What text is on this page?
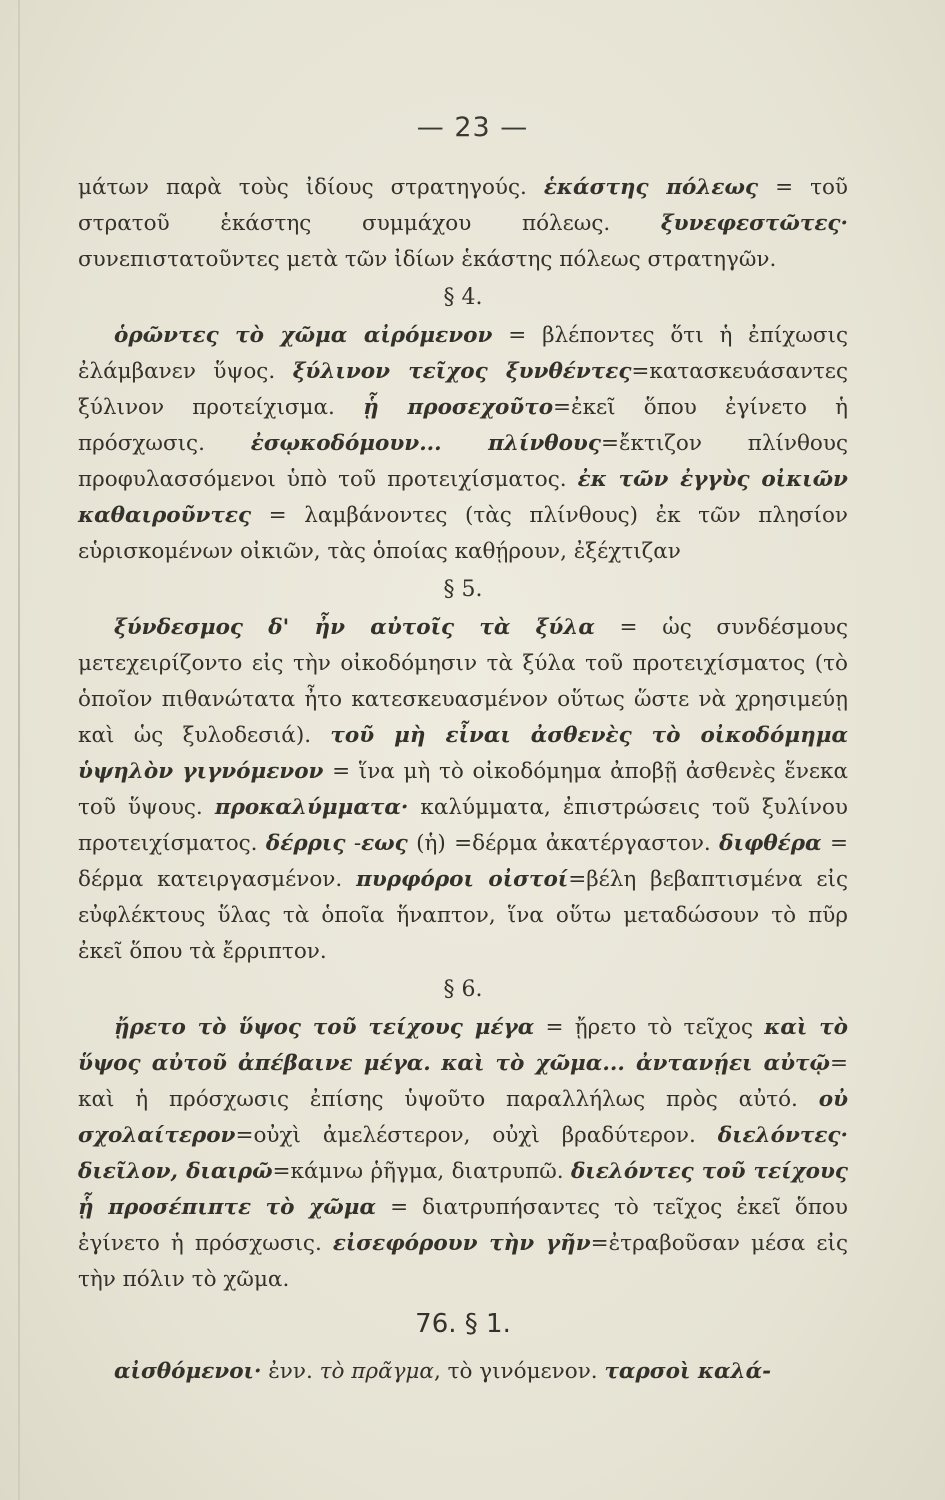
— 23 —

μάτων παρὰ τοὺς ἰδίους στρατηγούς. ἑκάστης πόλεως = τοῦ στρατοῦ ἑκάστης συμμάχου πόλεως. ξυνεφεστῶτες· συνεπιστατοῦντες μετὰ τῶν ἰδίων ἑκάστης πόλεως στρατηγῶν.

§ 4.

ὁρῶντες τὸ χῶμα αἰρόμενον = βλέποντες ὅτι ἡ ἐπίχωσις ἐλάμβανεν ὕψος. ξύλινον τεῖχος ξυνθέντες=κατασκευάσαντες ξύλινον προτείχισμα. ᾗ προσεχοῦτο=ἐκεῖ ὅπου ἐγίνετο ἡ πρόσχωσις. ἐσῳκοδόμουν... πλίνθους=ἔκτιζον πλίνθους προφυλασσόμενοι ὑπὸ τοῦ προτειχίσματος. ἐκ τῶν ἐγγὺς οἰκιῶν καθαιροῦντες = λαμβάνοντες (τὰς πλίνθους) ἐκ τῶν πλησίον εὑρισκομένων οἰκιῶν, τὰς ὁποίας καθῄρουν, ἐξέχτιζαν

§ 5.

ξύνδεσμος δ' ἦν αὐτοῖς τὰ ξύλα = ὡς συνδέσμους μετεχειρίζοντο εἰς τὴν οἰκοδόμησιν τὰ ξύλα τοῦ προτειχίσματος (τὸ ὁποῖον πιθανώτατα ἦτο κατεσκευασμένον οὕτως ὥστε νὰ χρησιμεύῃ καὶ ὡς ξυλοδεσιά). τοῦ μὴ εἶναι ἀσθενὲς τὸ οἰκοδόμημα ὑψηλὸν γιγνόμενον = ἵνα μὴ τὸ οἰκοδόμημα ἀποβῇ ἀσθενὲς ἕνεκα τοῦ ὕψους. προκαλύμματα· καλύμματα, ἐπιστρώσεις τοῦ ξυλίνου προτειχίσματος. δέρρις -εως (ἡ) =δέρμα ἀκατέργαστον. διφθέρα = δέρμα κατειργασμένον. πυρφόροι οἰστοί=βέλη βεβαπτισμένα εἰς εὐφλέκτους ὕλας τὰ ὁποῖα ἥναπτον, ἵνα οὕτω μεταδώσουν τὸ πῦρ ἐκεῖ ὅπου τὰ ἔρριπτον.

§ 6.

ᾔρετο τὸ ὕψος τοῦ τείχους μέγα = ᾔρετο τὸ τεῖχος καὶ τὸ ὕψος αὐτοῦ ἀπέβαινε μέγα. καὶ τὸ χῶμα... ἀντανῄει αὐτῷ= καὶ ἡ πρόσχωσις ἐπίσης ὑψοῦτο παραλλήλως πρὸς αὐτό. οὐ σχολαίτερον=οὐχὶ ἀμελέστερον, οὐχὶ βραδύτερον. διελόντες· διεῖλον, διαιρῶ=κάμνω ῥῆγμα, διατρυπῶ. διελόντες τοῦ τείχους ᾗ προσέπιπτε τὸ χῶμα = διατρυπήσαντες τὸ τεῖχος ἐκεῖ ὅπου ἐγίνετο ἡ πρόσχωσις. εἰσεφόρουν τὴν γῆν=ἐτραβοῦσαν μέσα εἰς τὴν πόλιν τὸ χῶμα.

76. § 1.

αἰσθόμενοι· ἐνν. τὸ πρᾶγμα, τὸ γινόμενον. ταρσοὶ καλά-
